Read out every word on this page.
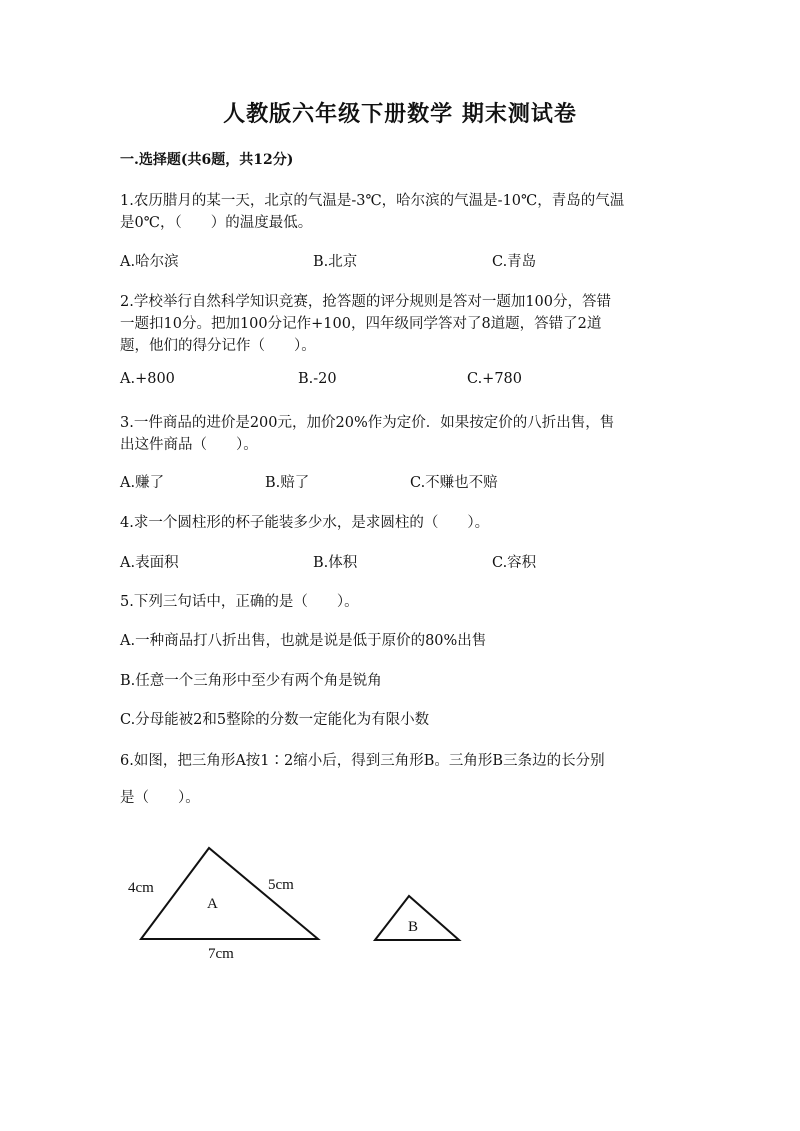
人教版六年级下册数学 期末测试卷
一.选择题(共6题，共12分)
1.农历腊月的某一天，北京的气温是-3℃，哈尔滨的气温是-10℃，青岛的气温
是0℃，（　　）的温度最低。
A.哈尔滨	B.北京	C.青岛
2.学校举行自然科学知识竞赛，抢答题的评分规则是答对一题加100分，答错
一题扣10分。把加100分记作+100，四年级同学答对了8道题，答错了2道
题，他们的得分记作（　　）。
A.+800	B.-20	C.+780
3.一件商品的进价是200元，加价20%作为定价．如果按定价的八折出售，售
出这件商品（　　）。
A.赚了	B.赔了	C.不赚也不赔
4.求一个圆柱形的杯子能装多少水，是求圆柱的（　　）。
A.表面积	B.体积	C.容积
5.下列三句话中，正确的是（　　）。
A.一种商品打八折出售，也就是说是低于原价的80%出售
B.任意一个三角形中至少有两个角是锐角
C.分母能被2和5整除的分数一定能化为有限小数
6.如图，把三角形A按1∶2缩小后，得到三角形B。三角形B三条边的长分别
是（　　）。
A
B
4cm	5cm
7cm
